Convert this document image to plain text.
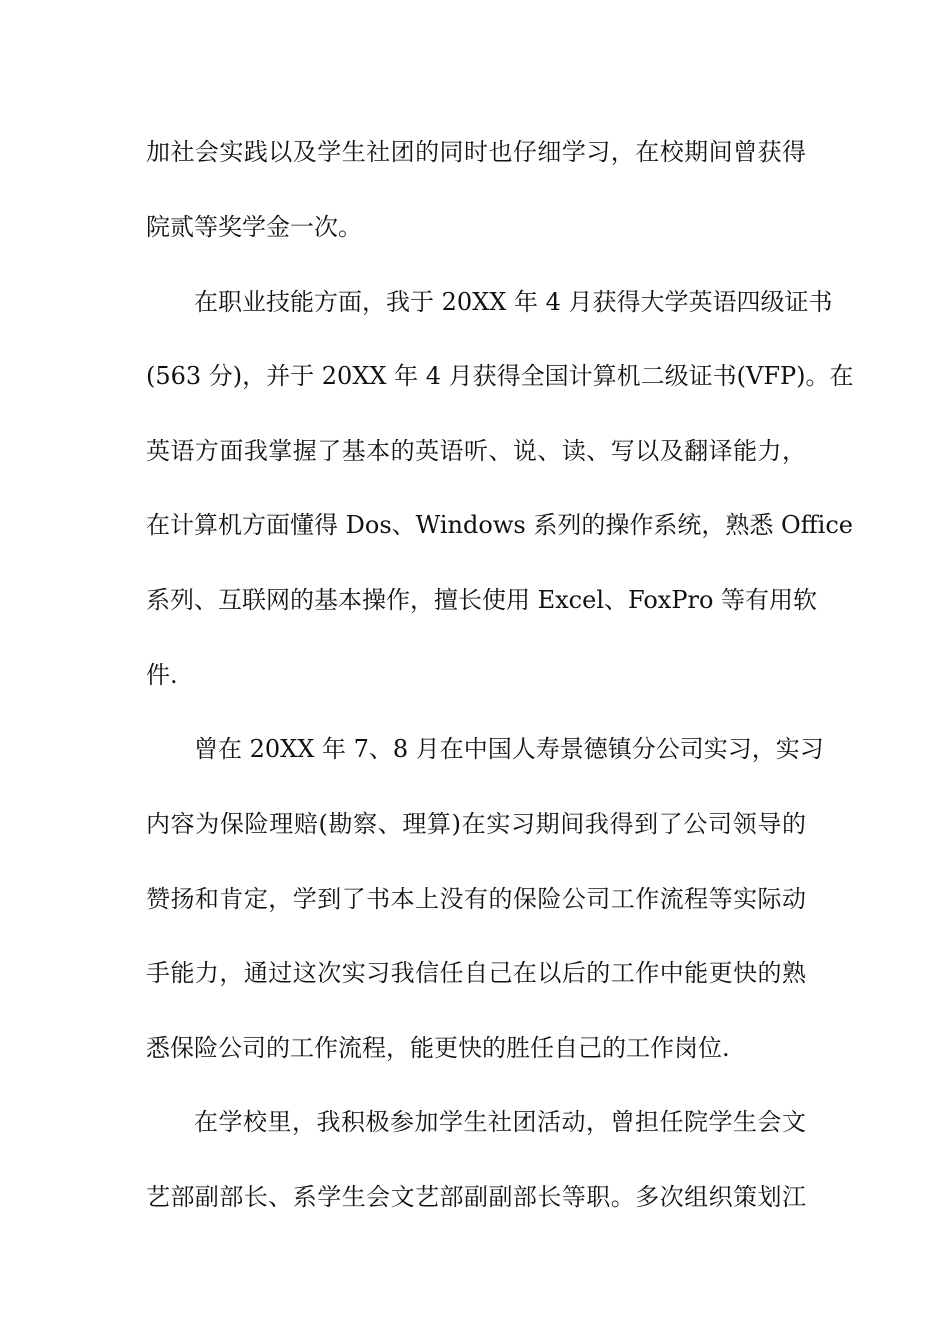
加社会实践以及学生社团的同时也仔细学习，在校期间曾获得
院贰等奖学金一次。
在职业技能方面，我于 20XX 年 4 月获得大学英语四级证书
(563 分)，并于 20XX 年 4 月获得全国计算机二级证书(VFP)。在
英语方面我掌握了基本的英语听、说、读、写以及翻译能力，
在计算机方面懂得 Dos、Windows 系列的操作系统，熟悉 Office
系列、互联网的基本操作，擅长使用 Excel、FoxPro 等有用软
件.
曾在 20XX 年 7、8 月在中国人寿景德镇分公司实习，实习
内容为保险理赔(勘察、理算)在实习期间我得到了公司领导的
赞扬和肯定，学到了书本上没有的保险公司工作流程等实际动
手能力，通过这次实习我信任自己在以后的工作中能更快的熟
悉保险公司的工作流程，能更快的胜任自己的工作岗位.
在学校里，我积极参加学生社团活动，曾担任院学生会文
艺部副部长、系学生会文艺部副副部长等职。多次组织策划江
